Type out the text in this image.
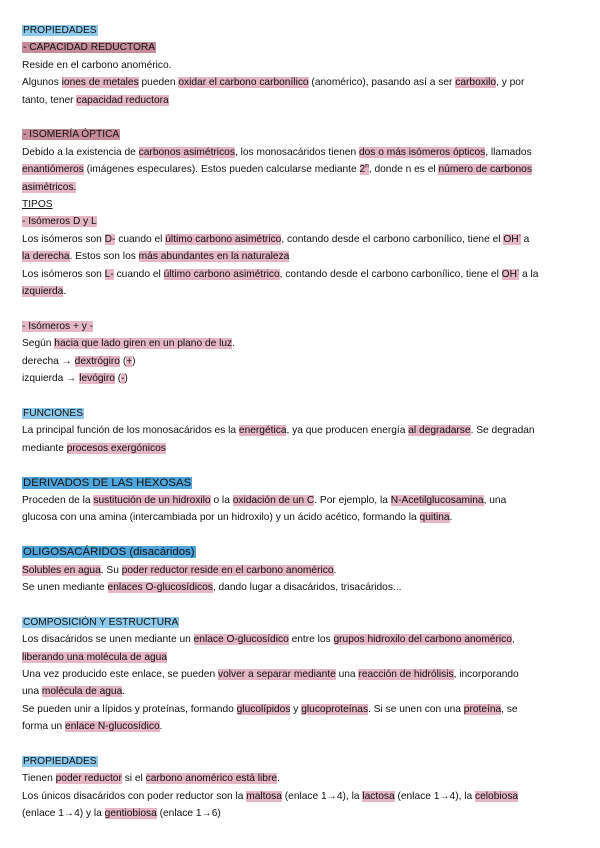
PROPIEDADES
- CAPACIDAD REDUCTORA
Reside en el carbono anomérico.
Algunos iones de metales pueden oxidar el carbono carbonílico (anomérico), pasando así a ser carboxilo, y por
tanto, tener capacidad reductora
- ISOMERÍA ÓPTICA
Debido a la existencia de carbonos asimétricos, los monosacáridos tienen dos o más isómeros ópticos, llamados
enantiómeros (imágenes especulares). Estos pueden calcularse mediante 2$^n$, donde n es el número de carbonos
asimétricos.
TIPOS
- Isómeros D y L
Los isómeros son D- cuando el último carbono asimétrico, contando desde el carbono carbonílico, tiene el OH- a
la derecha. Estos son los más abundantes en la naturaleza
Los isómeros son L- cuando el último carbono asimétrico, contando desde el carbono carbonílico, tiene el OH- a la
izquierda.
- Isómeros + y -
Según hacia que lado giren en un plano de luz.
derecha → dextrógiro (+)
izquierda → levógiro (-)
FUNCIONES
La principal función de los monosacáridos es la energética, ya que producen energía al degradarse. Se degradan
mediante procesos exergónicos
DERIVADOS DE LAS HEXOSAS
Proceden de la sustitución de un hidroxilo o la oxidación de un C. Por ejemplo, la N-Acetilglucosamina, una
glucosa con una amina (intercambiada por un hidroxilo) y un ácido acético, formando la quitina.
OLIGOSACÁRIDOS (disacáridos)
Solubles en agua. Su poder reductor reside en el carbono anomérico.
Se unen mediante enlaces O-glucosídicos, dando lugar a disacáridos, trisacáridos...
COMPOSICIÓN Y ESTRUCTURA
Los disacáridos se unen mediante un enlace O-glucosídico entre los grupos hidroxilo del carbono anomérico,
liberando una molécula de agua
Una vez producido este enlace, se pueden volver a separar mediante una reacción de hidrólisis, incorporando
una molécula de agua.
Se pueden unir a lípidos y proteínas, formando glucolípidos y glucoproteínas. Si se unen con una proteína, se
forma un enlace N-glucosídico.
PROPIEDADES
Tienen poder reductor si el carbono anomérico está libre.
Los únicos disacáridos con poder reductor son la maltosa (enlace 1→4), la lactosa (enlace 1→4), la celobiosa
(enlace 1→4) y la gentiobiosa (enlace 1→6)
